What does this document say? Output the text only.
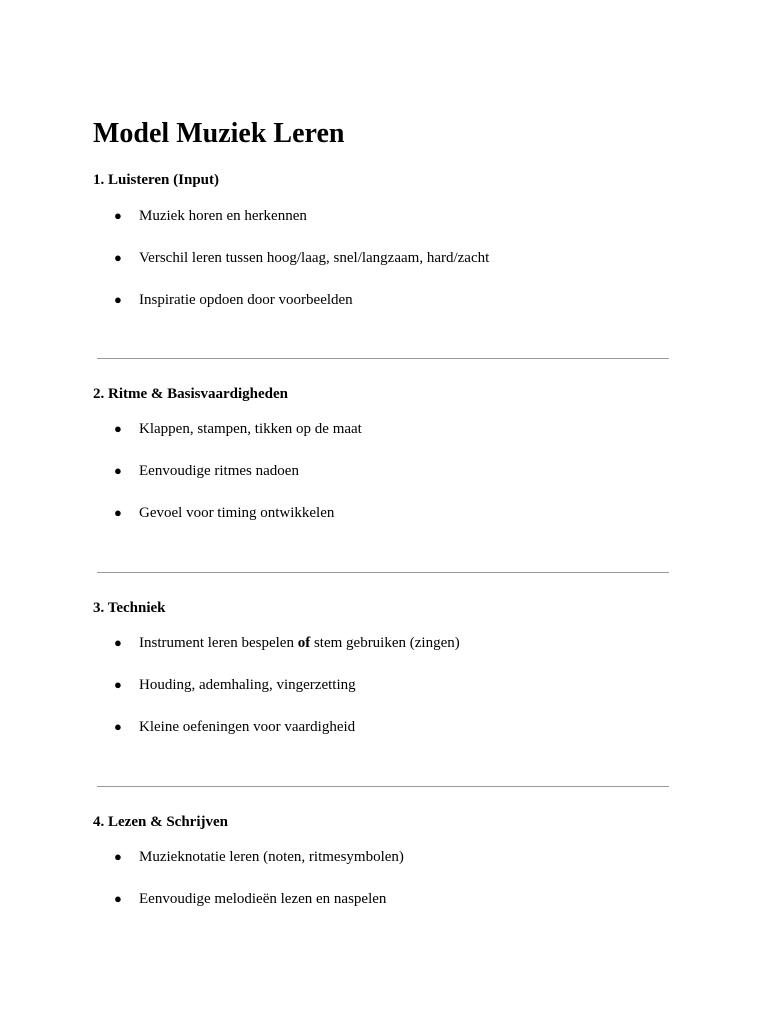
Model Muziek Leren
1. Luisteren (Input)
● Muziek horen en herkennen
● Verschil leren tussen hoog/laag, snel/langzaam, hard/zacht
● Inspiratie opdoen door voorbeelden
2. Ritme & Basisvaardigheden
● Klappen, stampen, tikken op de maat
● Eenvoudige ritmes nadoen
● Gevoel voor timing ontwikkelen
3. Techniek
● Instrument leren bespelen of stem gebruiken (zingen)
● Houding, ademhaling, vingerzetting
● Kleine oefeningen voor vaardigheid
4. Lezen & Schrijven
● Muzieknotatie leren (noten, ritmesymbolen)
● Eenvoudige melodieën lezen en naspelen
